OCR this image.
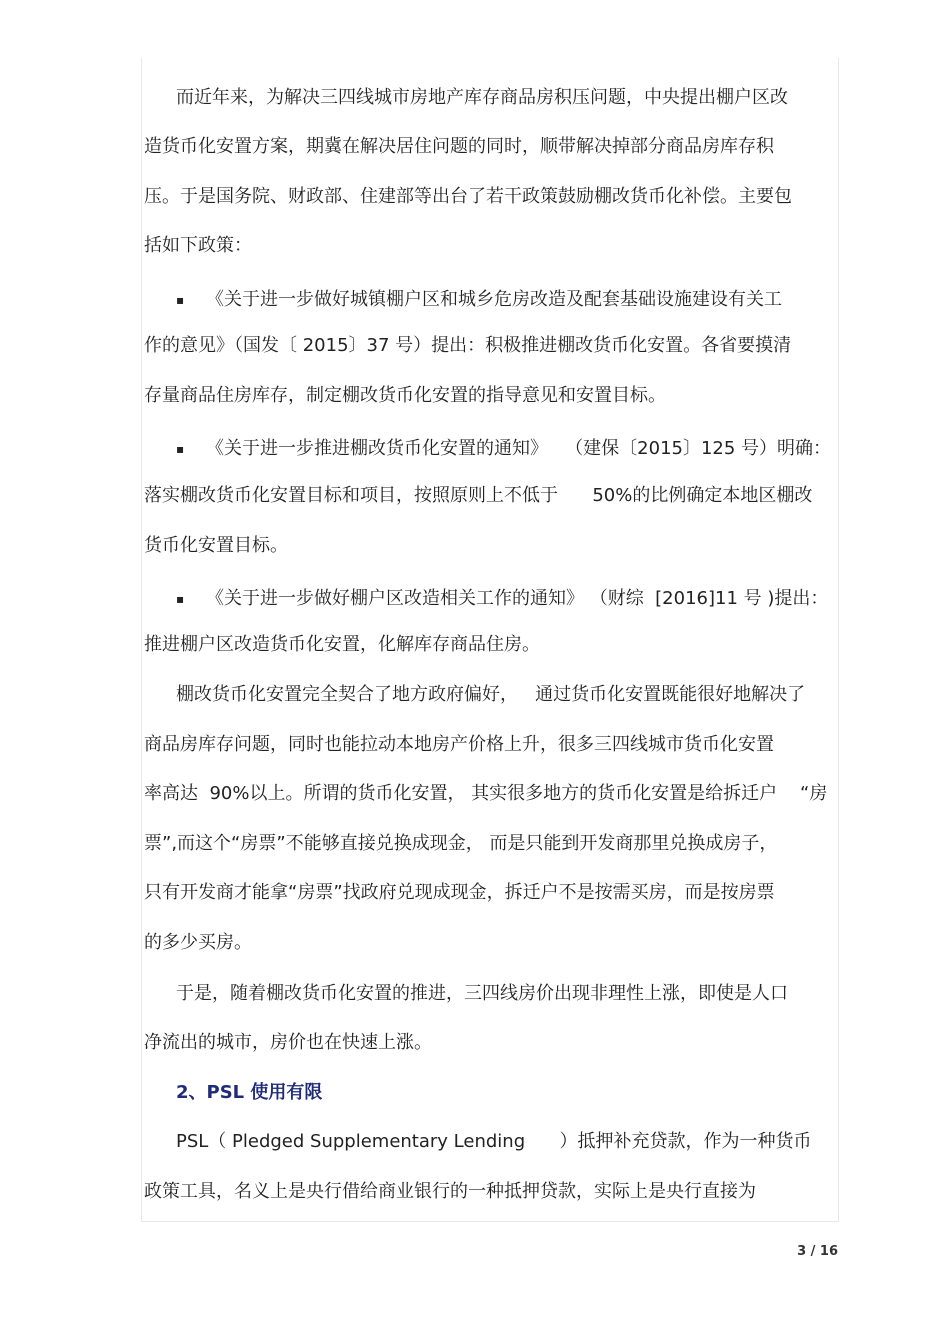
而近年来，为解决三四线城市房地产库存商品房积压问题，中央提出棚户区改
造货币化安置方案，期冀在解决居住问题的同时，顺带解决掉部分商品房库存积
压。于是国务院、财政部、住建部等出台了若干政策鼓励棚改货币化补偿。主要包
括如下政策：
▪ 《关于进一步做好城镇棚户区和城乡危房改造及配套基础设施建设有关工
作的意见》（国发〔 2015〕37 号）提出：积极推进棚改货币化安置。各省要摸清
存量商品住房库存，制定棚改货币化安置的指导意见和安置目标。
▪ 《关于进一步推进棚改货币化安置的通知》   （建保〔2015〕125 号）明确：
落实棚改货币化安置目标和项目，按照原则上不低于      50%的比例确定本地区棚改
货币化安置目标。
▪ 《关于进一步做好棚户区改造相关工作的通知》 （财综  [2016]11 号 )提出：
推进棚户区改造货币化安置，化解库存商品住房。
棚改货币化安置完全契合了地方政府偏好，   通过货币化安置既能很好地解决了
商品房库存问题，同时也能拉动本地房产价格上升，很多三四线城市货币化安置
率高达  90%以上。所谓的货币化安置， 其实很多地方的货币化安置是给拆迁户    “房
票”,而这个“房票”不能够直接兑换成现金， 而是只能到开发商那里兑换成房子，
只有开发商才能拿“房票”找政府兑现成现金，拆迁户不是按需买房，而是按房票
的多少买房。
于是，随着棚改货币化安置的推进，三四线房价出现非理性上涨，即使是人口
净流出的城市，房价也在快速上涨。
2、PSL 使用有限
PSL（ Pledged Supplementary Lending      ）抵押补充贷款，作为一种货币
政策工具，名义上是央行借给商业银行的一种抵押贷款，实际上是央行直接为
3 / 16
